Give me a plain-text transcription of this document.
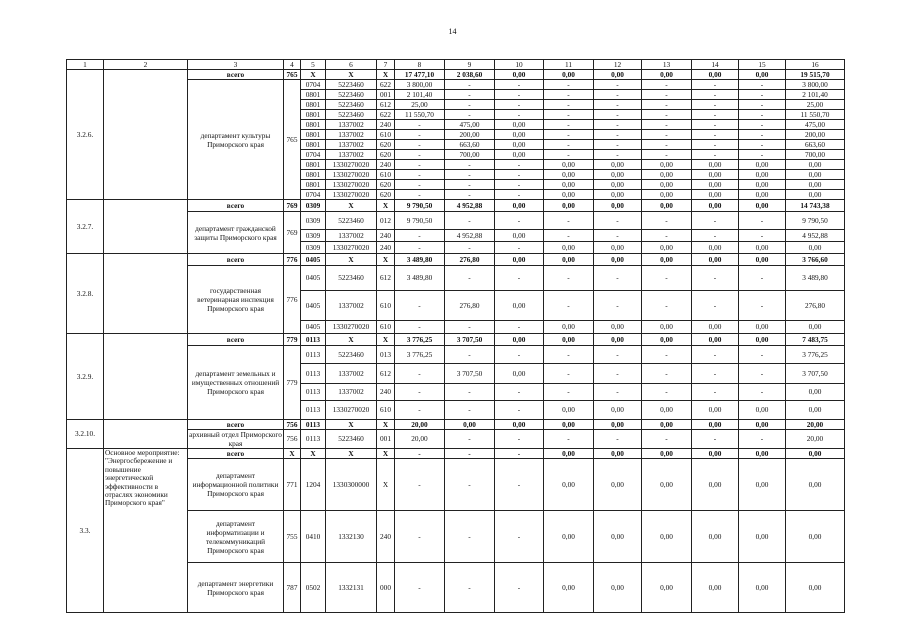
14
1	2	3	4	5	6	7	8	9	10	11	12	13	14	15	16
3.2.6.		всего	765	X	X	X	17 477,10	2 038,60	0,00	0,00	0,00	0,00	0,00	0,00	19 515,70
		департамент культуры Приморского края	765	0704	5223460	622	3 800,00	-	-	-	-	-	-	-	3 800,00
				0801	5223460	001	2 101,40	-	-	-	-	-	-	-	2 101,40
				0801	5223460	612	25,00	-	-	-	-	-	-	-	25,00
				0801	5223460	622	11 550,70	-	-	-	-	-	-	-	11 550,70
				0801	1337002	240	-	475,00	0,00	-	-	-	-	-	475,00
				0801	1337002	610	-	200,00	0,00	-	-	-	-	-	200,00
				0801	1337002	620	-	663,60	0,00	-	-	-	-	-	663,60
				0704	1337002	620	-	700,00	0,00	-	-	-	-	-	700,00
				0801	1330270020	240	-	-	-	0,00	0,00	0,00	0,00	0,00	0,00
				0801	1330270020	610	-	-	-	0,00	0,00	0,00	0,00	0,00	0,00
				0801	1330270020	620	-	-	-	0,00	0,00	0,00	0,00	0,00	0,00
				0704	1330270020	620	-	-	-	0,00	0,00	0,00	0,00	0,00	0,00
3.2.7.		всего	769	0309	X	X	9 790,50	4 952,88	0,00	0,00	0,00	0,00	0,00	0,00	14 743,38
		департамент гражданской защиты Приморского края	769	0309	5223460	012	9 790,50	-	-	-	-	-	-	-	9 790,50
				0309	1337002	240	-	4 952,88	0,00	-	-	-	-	-	4 952,88
				0309	1330270020	240	-	-	-	0,00	0,00	0,00	0,00	0,00	0,00
3.2.8.		всего	776	0405	X	X	3 489,80	276,80	0,00	0,00	0,00	0,00	0,00	0,00	3 766,60
		государственная ветеринарная инспекция Приморского края	776	0405	5223460	612	3 489,80	-	-	-	-	-	-	-	3 489,80
				0405	1337002	610	-	276,80	0,00	-	-	-	-	-	276,80
				0405	1330270020	610	-	-	-	0,00	0,00	0,00	0,00	0,00	0,00
3.2.9.		всего	779	0113	X	X	3 776,25	3 707,50	0,00	0,00	0,00	0,00	0,00	0,00	7 483,75
		департамент земельных и имущественных отношений Приморского края	779	0113	5223460	013	3 776,25	-	-	-	-	-	-	-	3 776,25
				0113	1337002	612	-	3 707,50	0,00	-	-	-	-	-	3 707,50
				0113	1337002	240	-	-	-	-	-	-	-	-	0,00
				0113	1330270020	610	-	-	-	0,00	0,00	0,00	0,00	0,00	0,00
3.2.10.		всего	756	0113	X	X	20,00	0,00	0,00	0,00	0,00	0,00	0,00	0,00	20,00
		архивный отдел Приморского края	756	0113	5223460	001	20,00	-	-	-	-	-	-	-	20,00
3.3.	Основное мероприятие: "Энергосбережение и повышение энергетической эффективности в отраслях экономики Приморского края"	всего	X	X	X	X	-	-	-	0,00	0,00	0,00	0,00	0,00	0,00
		департамент информационной политики Приморского края	771	1204	1330300000	X	-	-	-	0,00	0,00	0,00	0,00	0,00	0,00
		департамент информатизации и телекоммуникаций Приморского края	755	0410	1332130	240	-	-	-	0,00	0,00	0,00	0,00	0,00	0,00
		департамент энергетики Приморского края	787	0502	1332131	000	-	-	-	0,00	0,00	0,00	0,00	0,00	0,00
